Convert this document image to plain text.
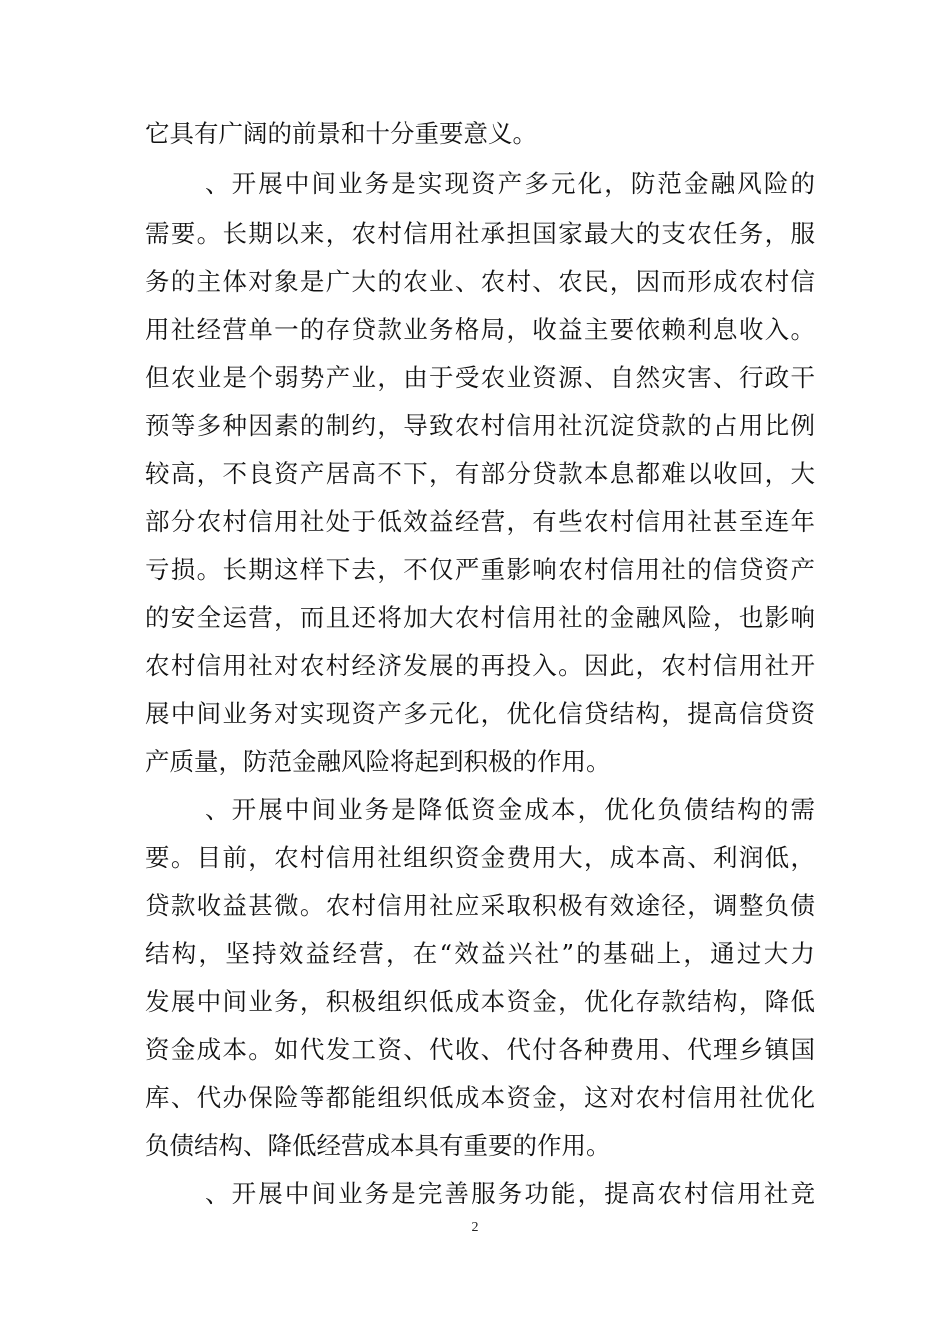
它具有广阔的前景和十分重要意义。
、开展中间业务是实现资产多元化，防范金融风险的
需要。长期以来，农村信用社承担国家最大的支农任务，服
务的主体对象是广大的农业、农村、农民，因而形成农村信
用社经营单一的存贷款业务格局，收益主要依赖利息收入。
但农业是个弱势产业，由于受农业资源、自然灾害、行政干
预等多种因素的制约，导致农村信用社沉淀贷款的占用比例
较高，不良资产居高不下，有部分贷款本息都难以收回，大
部分农村信用社处于低效益经营，有些农村信用社甚至连年
亏损。长期这样下去，不仅严重影响农村信用社的信贷资产
的安全运营，而且还将加大农村信用社的金融风险，也影响
农村信用社对农村经济发展的再投入。因此，农村信用社开
展中间业务对实现资产多元化，优化信贷结构，提高信贷资
产质量，防范金融风险将起到积极的作用。
、开展中间业务是降低资金成本，优化负债结构的需
要。目前，农村信用社组织资金费用大，成本高、利润低，
贷款收益甚微。农村信用社应采取积极有效途径，调整负债
结构，坚持效益经营，在“效益兴社”的基础上，通过大力
发展中间业务，积极组织低成本资金，优化存款结构，降低
资金成本。如代发工资、代收、代付各种费用、代理乡镇国
库、代办保险等都能组织低成本资金，这对农村信用社优化
负债结构、降低经营成本具有重要的作用。
、开展中间业务是完善服务功能，提高农村信用社竞
2
